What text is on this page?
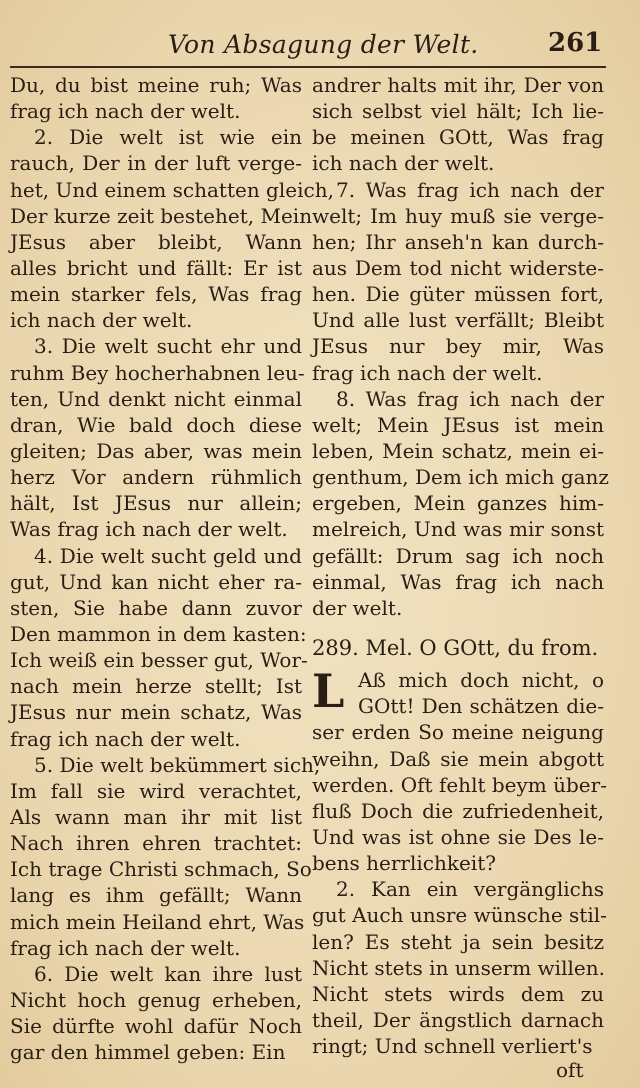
Von Absagung der Welt.	261
Du, du bist meine ruh; Was
frag ich nach der welt.
2. Die welt ist wie ein
rauch, Der in der luft verge-
het, Und einem schatten gleich,
Der kurze zeit bestehet, Mein
JEsus aber bleibt, Wann
alles bricht und fällt: Er ist
mein starker fels, Was frag
ich nach der welt.
3. Die welt sucht ehr und
ruhm Bey hocherhabnen leu-
ten, Und denkt nicht einmal
dran, Wie bald doch diese
gleiten; Das aber, was mein
herz Vor andern rühmlich
hält, Ist JEsus nur allein;
Was frag ich nach der welt.
4. Die welt sucht geld und
gut, Und kan nicht eher ra-
sten, Sie habe dann zuvor
Den mammon in dem kasten:
Ich weiß ein besser gut, Wor-
nach mein herze stellt; Ist
JEsus nur mein schatz, Was
frag ich nach der welt.
5. Die welt bekümmert sich,
Im fall sie wird verachtet,
Als wann man ihr mit list
Nach ihren ehren trachtet:
Ich trage Christi schmach, So
lang es ihm gefällt; Wann
mich mein Heiland ehrt, Was
frag ich nach der welt.
6. Die welt kan ihre lust
Nicht hoch genug erheben,
Sie dürfte wohl dafür Noch
gar den himmel geben: Ein
andrer halts mit ihr, Der von
sich selbst viel hält; Ich lie-
be meinen GOtt, Was frag
ich nach der welt.
7. Was frag ich nach der
welt; Im huy muß sie verge-
hen; Ihr anseh'n kan durch-
aus Dem tod nicht widerste-
hen. Die güter müssen fort,
Und alle lust verfällt; Bleibt
JEsus nur bey mir, Was
frag ich nach der welt.
8. Was frag ich nach der
welt; Mein JEsus ist mein
leben, Mein schatz, mein ei-
genthum, Dem ich mich ganz
ergeben, Mein ganzes him-
melreich, Und was mir sonst
gefällt: Drum sag ich noch
einmal, Was frag ich nach
der welt.
289. Mel. O GOtt, du from.
Aß mich doch nicht, o
L GOtt! Den schätzen die-
ser erden So meine neigung
weihn, Daß sie mein abgott
werden. Oft fehlt beym über-
fluß Doch die zufriedenheit,
Und was ist ohne sie Des le-
bens herrlichkeit?
2. Kan ein vergänglichs
gut Auch unsre wünsche stil-
len? Es steht ja sein besitz
Nicht stets in unserm willen.
Nicht stets wirds dem zu
theil, Der ängstlich darnach
ringt; Und schnell verliert's
oft
